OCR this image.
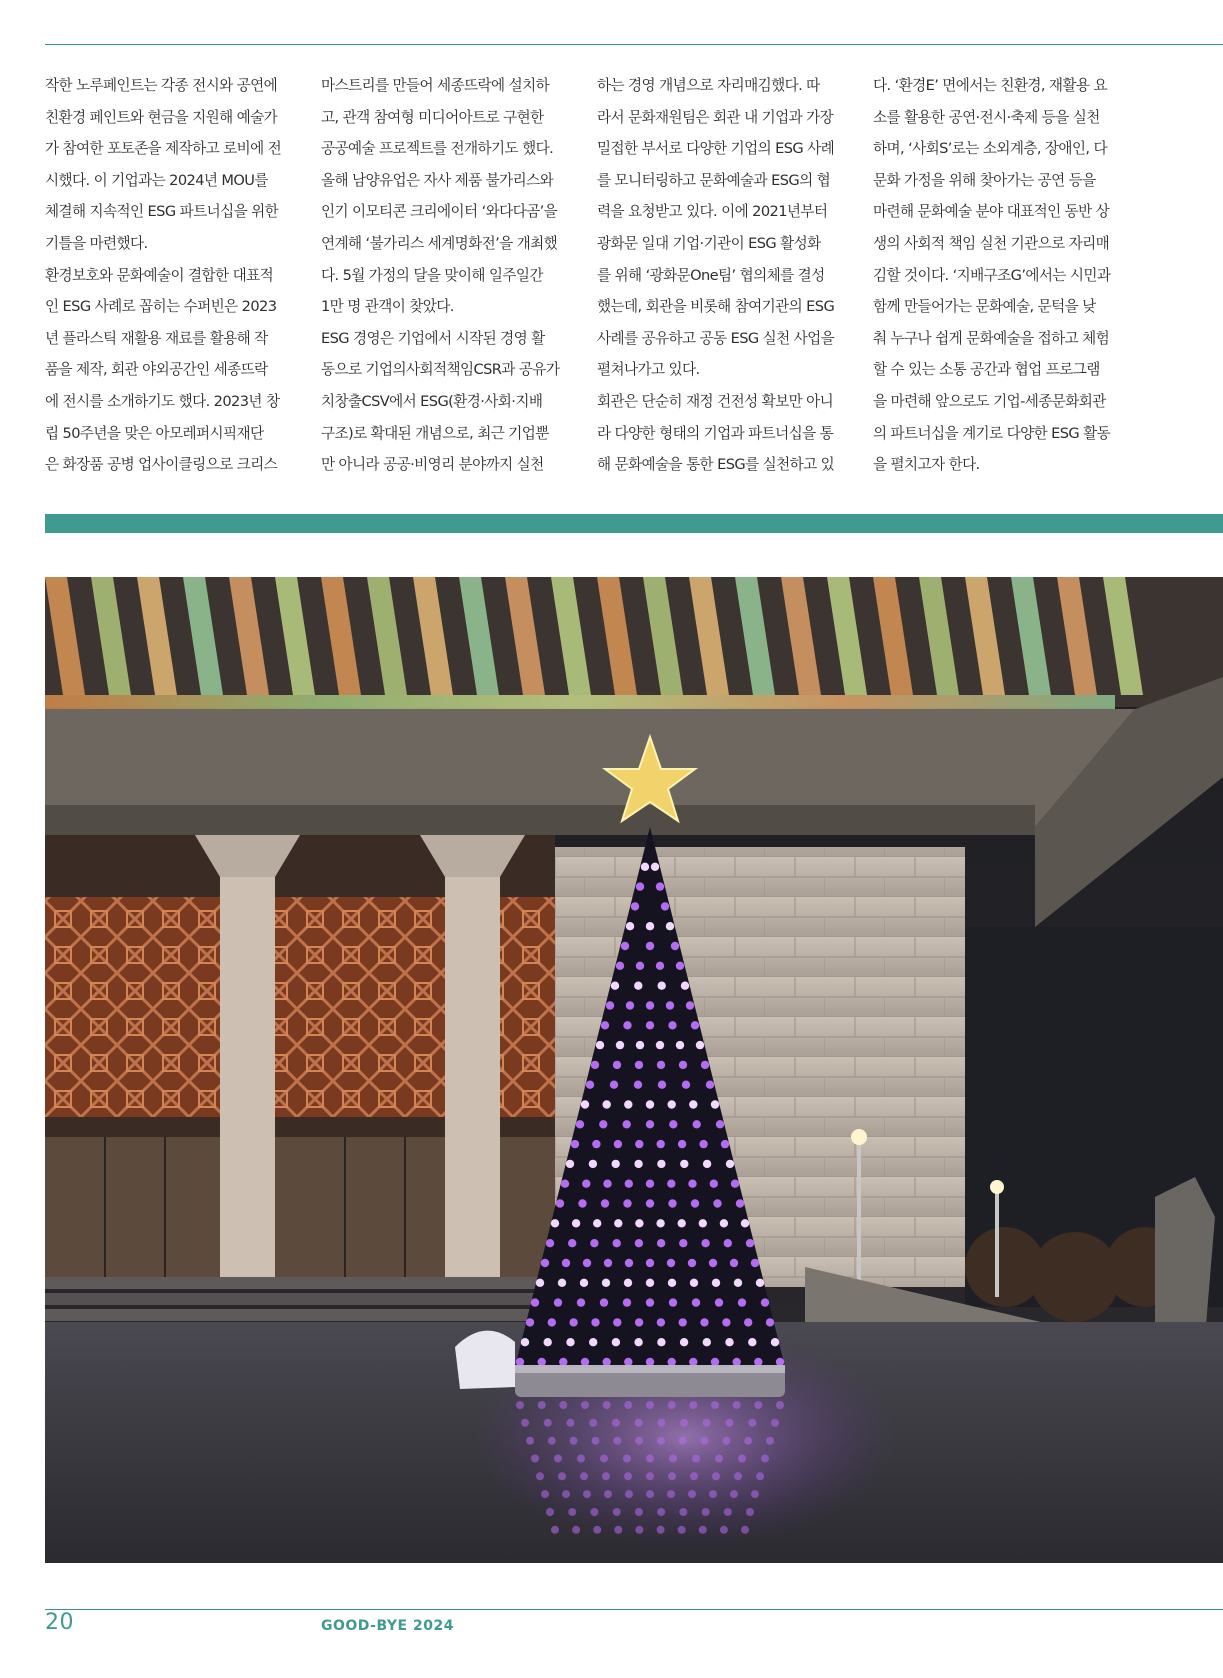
작한 노루페인트는 각종 전시와 공연에
친환경 페인트와 현금을 지원해 예술가
가 참여한 포토존을 제작하고 로비에 전
시했다. 이 기업과는 2024년 MOU를
체결해 지속적인 ESG 파트너십을 위한
기틀을 마련했다.
환경보호와 문화예술이 결합한 대표적
인 ESG 사례로 꼽히는 수퍼빈은 2023
년 플라스틱 재활용 재료를 활용해 작
품을 제작, 회관 야외공간인 세종뜨락
에 전시를 소개하기도 했다. 2023년 창
립 50주년을 맞은 아모레퍼시픽재단
은 화장품 공병 업사이클링으로 크리스
마스트리를 만들어 세종뜨락에 설치하
고, 관객 참여형 미디어아트로 구현한
공공예술 프로젝트를 전개하기도 했다.
올해 남양유업은 자사 제품 불가리스와
인기 이모티콘 크리에이터 ‘와다다곰’을
연계해 ‘불가리스 세계명화전’을 개최했
다. 5월 가정의 달을 맞이해 일주일간
1만 명 관객이 찾았다.
ESG 경영은 기업에서 시작된 경영 활
동으로 기업의사회적책임CSR과 공유가
치창출CSV에서 ESG(환경·사회·지배
구조)로 확대된 개념으로, 최근 기업뿐
만 아니라 공공·비영리 분야까지 실천
하는 경영 개념으로 자리매김했다. 따
라서 문화재원팀은 회관 내 기업과 가장
밀접한 부서로 다양한 기업의 ESG 사례
를 모니터링하고 문화예술과 ESG의 협
력을 요청받고 있다. 이에 2021년부터
광화문 일대 기업·기관이 ESG 활성화
를 위해 ‘광화문One팀’ 협의체를 결성
했는데, 회관을 비롯해 참여기관의 ESG
사례를 공유하고 공동 ESG 실천 사업을
펼쳐나가고 있다.
회관은 단순히 재정 건전성 확보만 아니
라 다양한 형태의 기업과 파트너십을 통
해 문화예술을 통한 ESG를 실천하고 있
다. ‘환경E’ 면에서는 친환경, 재활용 요
소를 활용한 공연·전시·축제 등을 실천
하며, ‘사회S’로는 소외계층, 장애인, 다
문화 가정을 위해 찾아가는 공연 등을
마련해 문화예술 분야 대표적인 동반 상
생의 사회적 책임 실천 기관으로 자리매
김할 것이다. ‘지배구조G’에서는 시민과
함께 만들어가는 문화예술, 문턱을 낮
춰 누구나 쉽게 문화예술을 접하고 체험
할 수 있는 소통 공간과 협업 프로그램
을 마련해 앞으로도 기업-세종문화회관
의 파트너십을 계기로 다양한 ESG 활동
을 펼치고자 한다.
20	GOOD-BYE 2024
